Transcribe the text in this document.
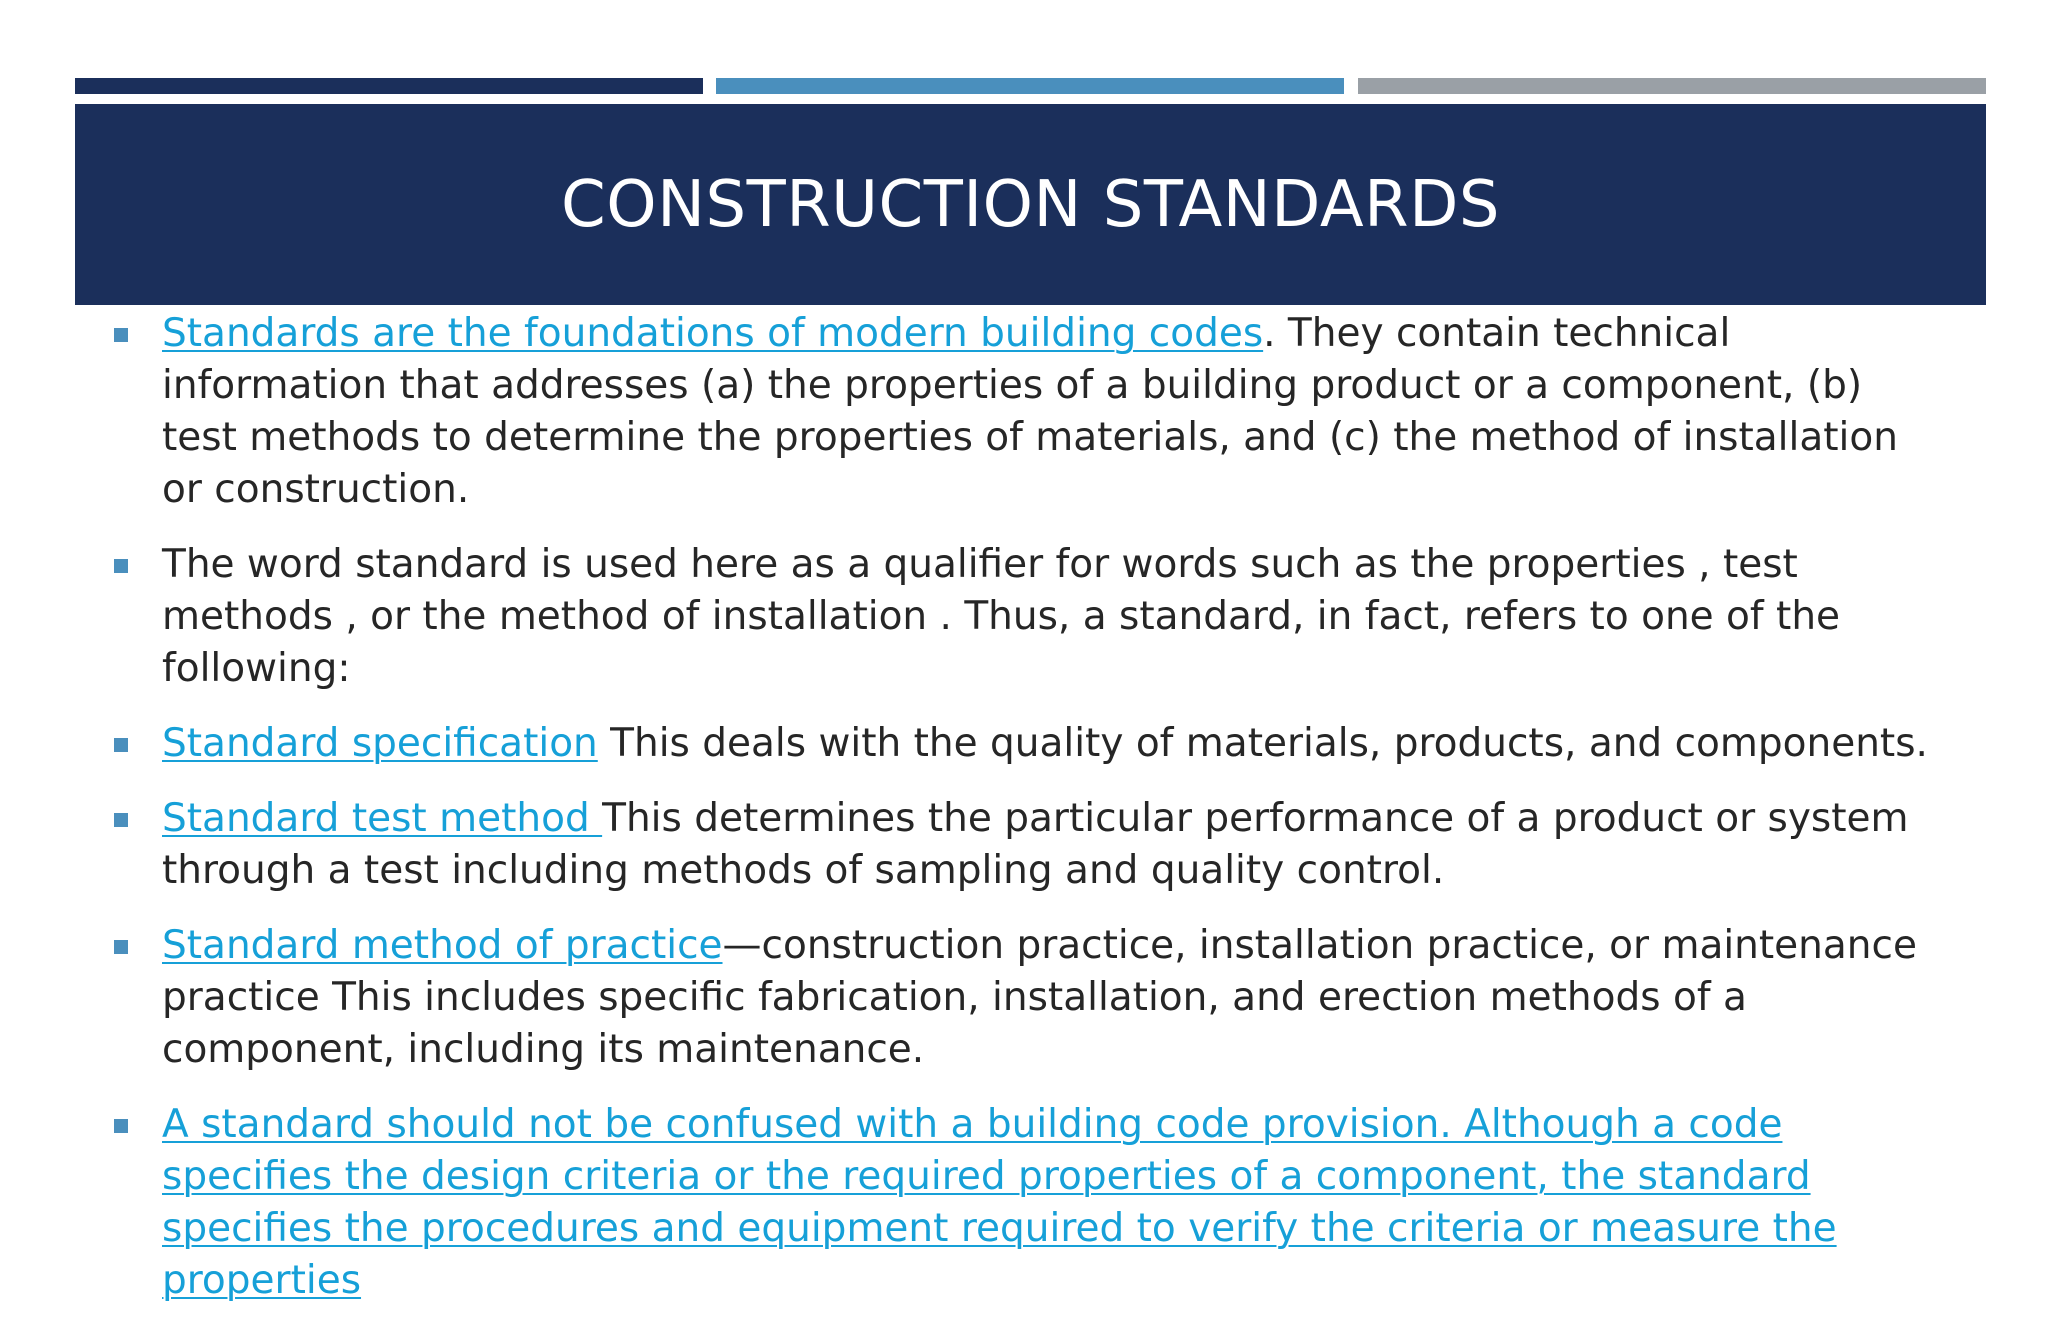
CONSTRUCTION STANDARDS
Standards are the foundations of modern building codes. They contain technical information that addresses (a) the properties of a building product or a component, (b) test methods to determine the properties of materials, and (c) the method of installation or construction.
The word standard is used here as a qualifier for words such as the properties , test methods , or the method of installation . Thus, a standard, in fact, refers to one of the following:
Standard specification This deals with the quality of materials, products, and components.
Standard test method This determines the particular performance of a product or system through a test including methods of sampling and quality control.
Standard method of practice—construction practice, installation practice, or maintenance practice This includes specific fabrication, installation, and erection methods of a component, including its maintenance.
A standard should not be confused with a building code provision. Although a code specifies the design criteria or the required properties of a component, the standard specifies the procedures and equipment required to verify the criteria or measure the properties
